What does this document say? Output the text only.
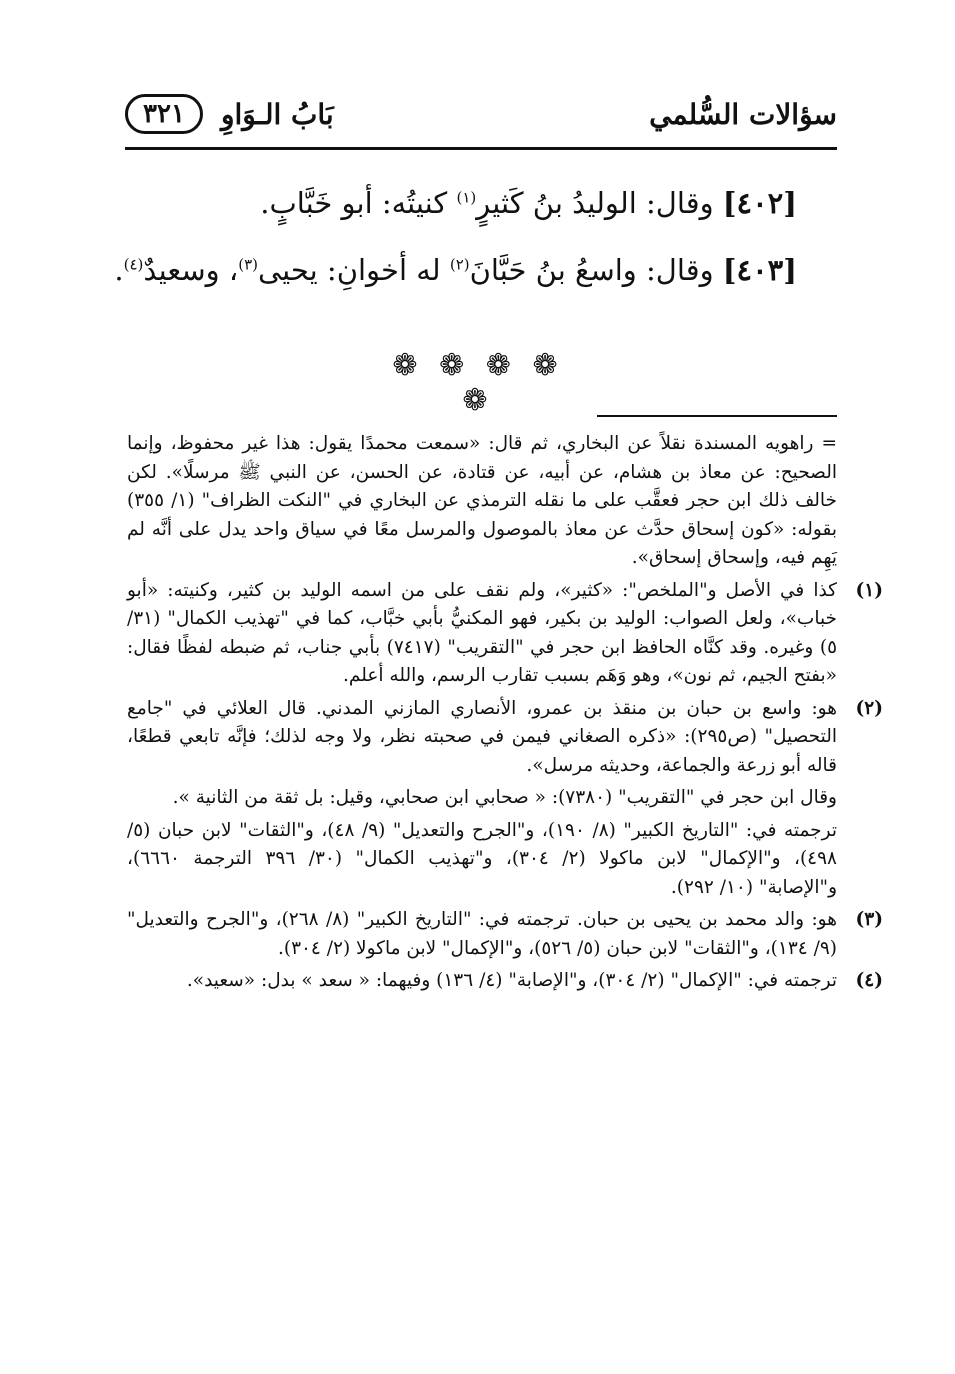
سؤالات السُّلمي
٣٢١	بَابُ الـوَاوِ
[٤٠٢] وقال: الوليدُ بنُ كَثيرٍ$^{(١)}$ كنيتُه: أبو خَبَّابٍ.
[٤٠٣] وقال: واسعُ بنُ حَبَّانَ$^{(٢)}$ له أخوانِ: يحيى$^{(٣)}$، وسعيدٌ$^{(٤)}$.
❁ ❁ ❁ ❁ ❁
= راهويه المسندة نقلاً عن البخاري، ثم قال: «سمعت محمدًا يقول: هذا غير محفوظ، وإنما الصحيح: عن معاذ بن هشام، عن أبيه، عن قتادة، عن الحسن، عن النبي ﷺ مرسلًا». لكن خالف ذلك ابن حجر فعقَّب على ما نقله الترمذي عن البخاري في "النكت الظراف" (١/ ٣٥٥) بقوله: «كون إسحاق حدَّث عن معاذ بالموصول والمرسل معًا في سياق واحد يدل على أنَّه لم يَهِم فيه، وإسحاق إسحاق».
(١)
كذا في الأصل و"الملخص": «كثير»، ولم نقف على من اسمه الوليد بن كثير، وكنيته: «أبو خباب»، ولعل الصواب: الوليد بن بكير، فهو المكنيُّ بأبي خبَّاب، كما في "تهذيب الكمال" (٣١/ ٥) وغيره. وقد كنَّاه الحافظ ابن حجر في "التقريب" (٧٤١٧) بأبي جناب، ثم ضبطه لفظًا فقال: «بفتح الجيم، ثم نون»، وهو وَهَم بسبب تقارب الرسم، والله أعلم.
(٢)
هو: واسع بن حبان بن منقذ بن عمرو، الأنصاري المازني المدني. قال العلائي في "جامع التحصيل" (ص٢٩٥): «ذكره الصغاني فيمن في صحبته نظر، ولا وجه لذلك؛ فإنَّه تابعي قطعًا، قاله أبو زرعة والجماعة، وحديثه مرسل».
وقال ابن حجر في "التقريب" (٧٣٨٠): « صحابي ابن صحابي، وقيل: بل ثقة من الثانية ».
ترجمته في: "التاريخ الكبير" (٨/ ١٩٠)، و"الجرح والتعديل" (٩/ ٤٨)، و"الثقات" لابن حبان (٥/ ٤٩٨)، و"الإكمال" لابن ماكولا (٢/ ٣٠٤)، و"تهذيب الكمال" (٣٠/ ٣٩٦ الترجمة ٦٦٦٠)، و"الإصابة" (١٠/ ٢٩٢).
(٣)
هو: والد محمد بن يحيى بن حبان. ترجمته في: "التاريخ الكبير" (٨/ ٢٦٨)، و"الجرح والتعديل" (٩/ ١٣٤)، و"الثقات" لابن حبان (٥/ ٥٢٦)، و"الإكمال" لابن ماكولا (٢/ ٣٠٤).
(٤)
ترجمته في: "الإكمال" (٢/ ٣٠٤)، و"الإصابة" (٤/ ١٣٦) وفيهما: « سعد » بدل: «سعيد».
